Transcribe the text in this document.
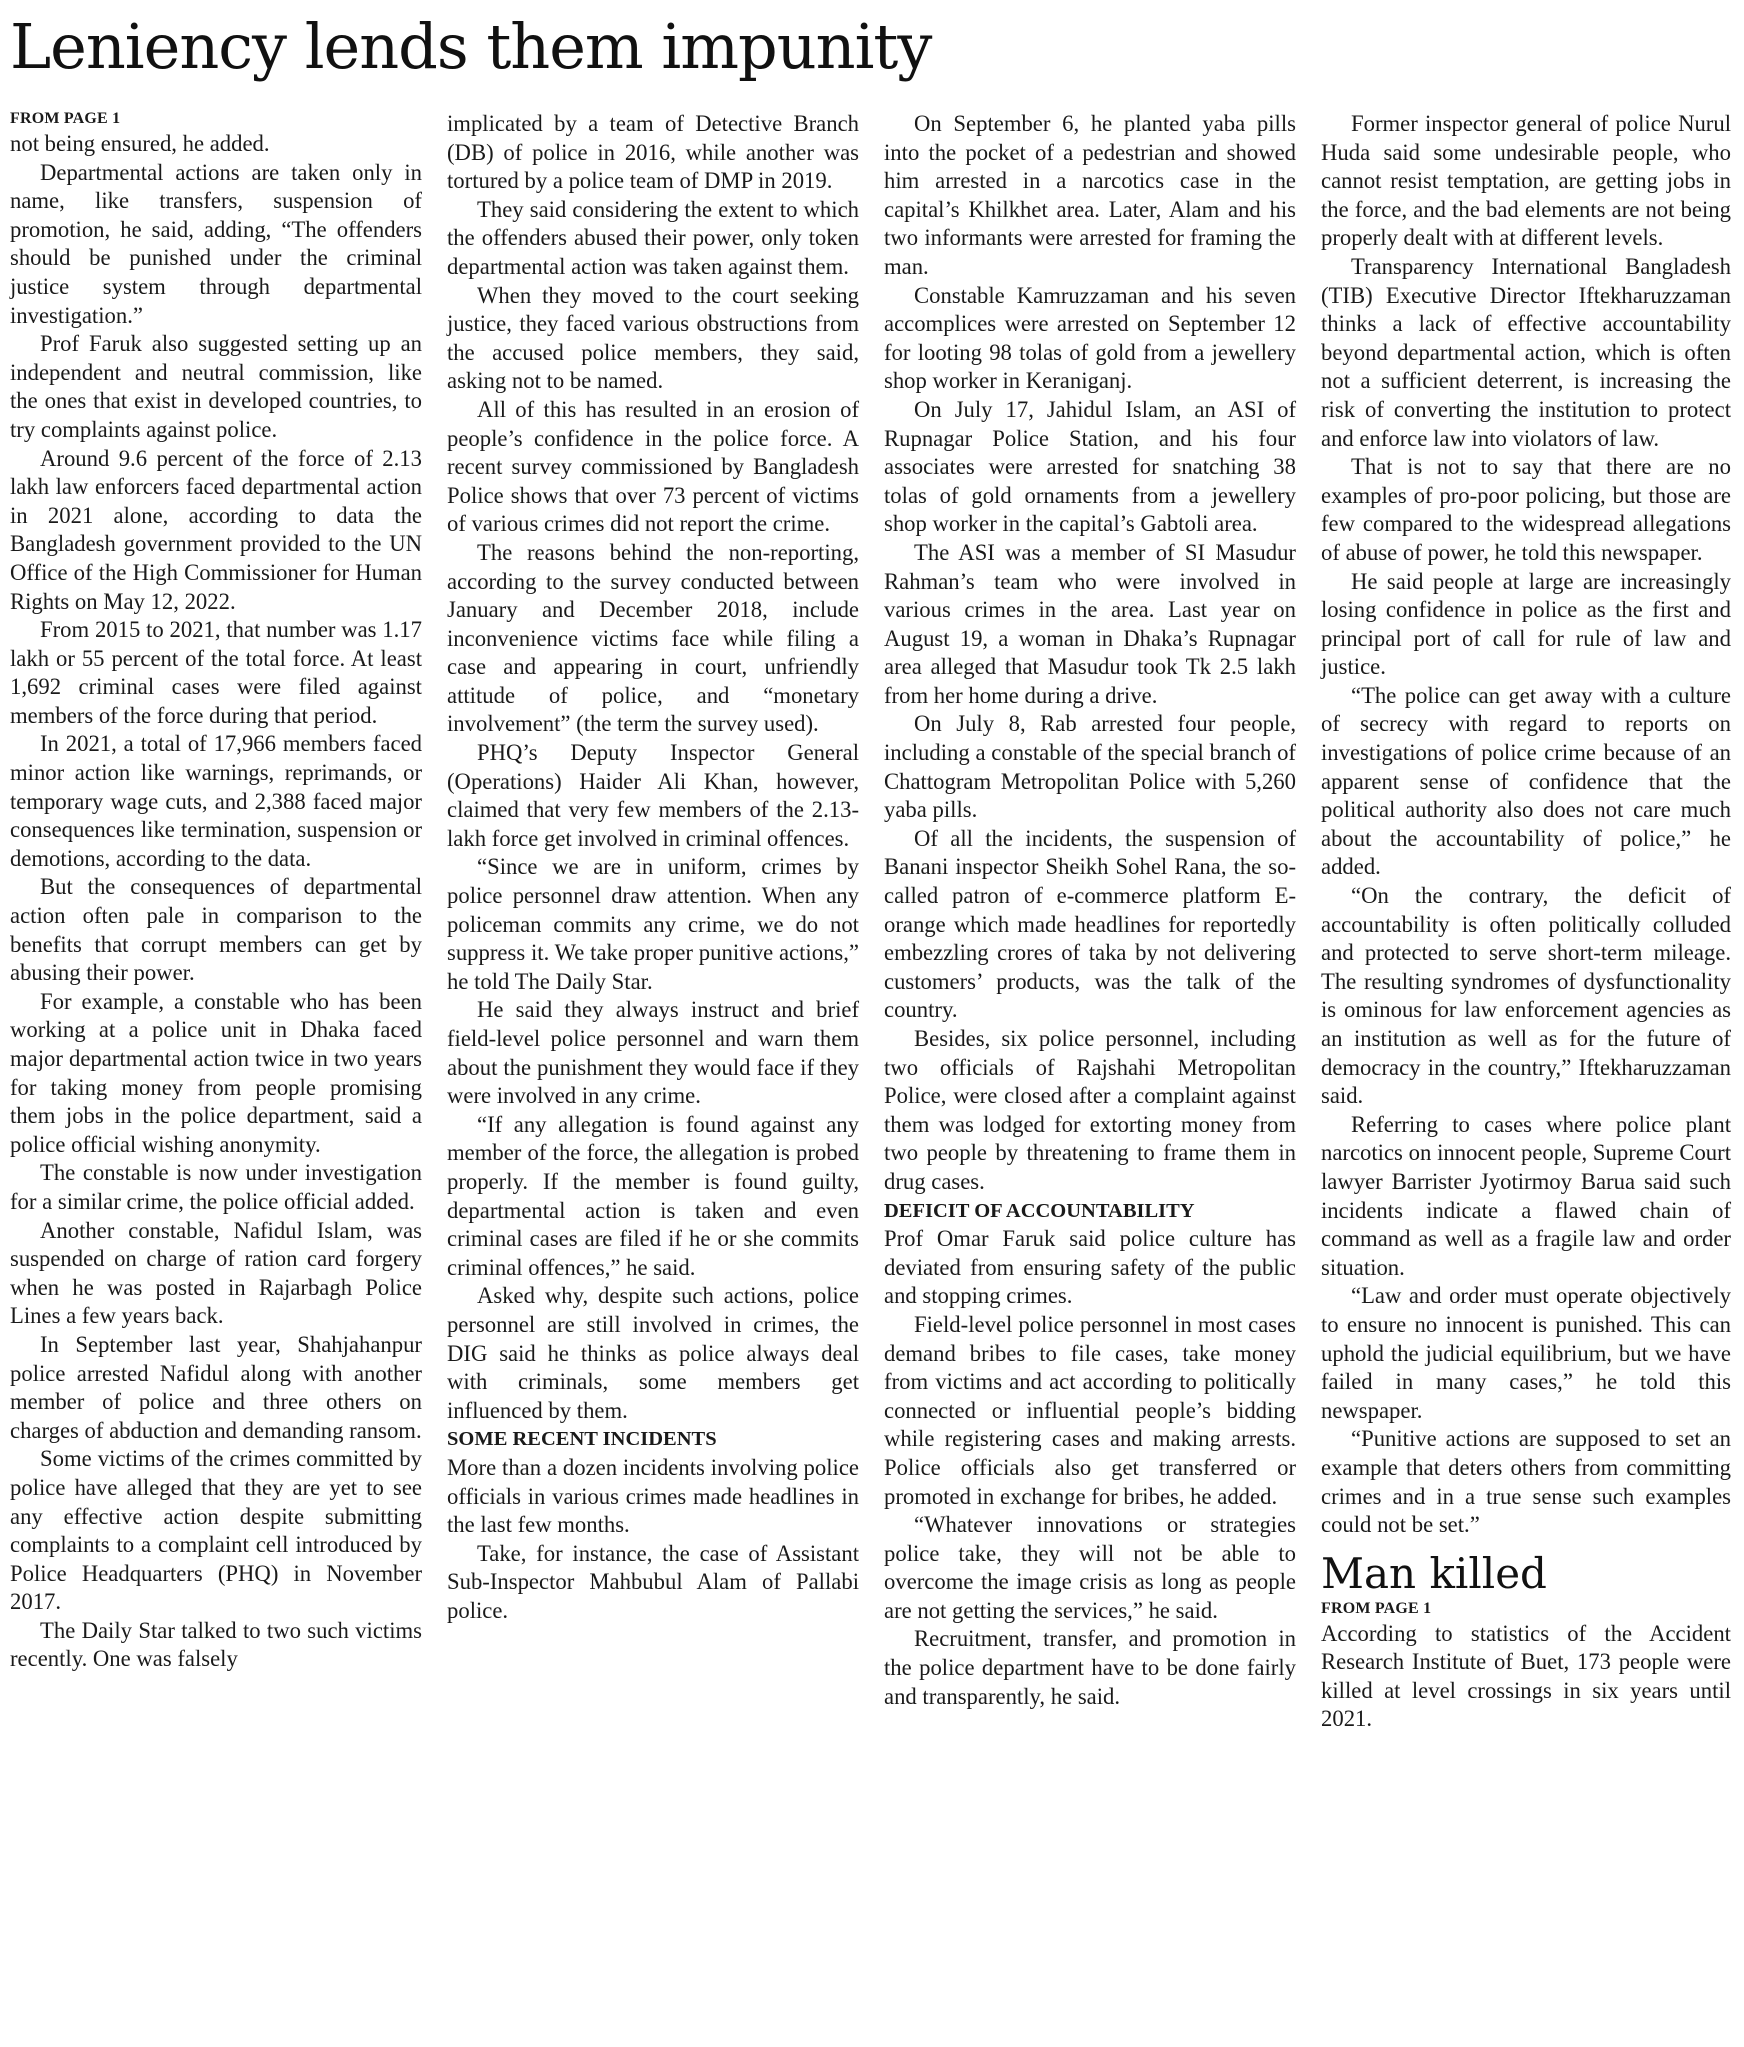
Leniency lends them impunity
FROM PAGE 1

not being ensured, he added.

Departmental actions are taken only in name, like transfers, suspension of promotion, he said, adding, “The offenders should be punished under the criminal justice system through departmental investigation.”

Prof Faruk also suggested setting up an independent and neutral commission, like the ones that exist in developed countries, to try complaints against police.

Around 9.6 percent of the force of 2.13 lakh law enforcers faced departmental action in 2021 alone, according to data the Bangladesh government provided to the UN Office of the High Commissioner for Human Rights on May 12, 2022.

From 2015 to 2021, that number was 1.17 lakh or 55 percent of the total force. At least 1,692 criminal cases were filed against members of the force during that period.

In 2021, a total of 17,966 members faced minor action like warnings, reprimands, or temporary wage cuts, and 2,388 faced major consequences like termination, suspension or demotions, according to the data.

But the consequences of departmental action often pale in comparison to the benefits that corrupt members can get by abusing their power.

For example, a constable who has been working at a police unit in Dhaka faced major departmental action twice in two years for taking money from people promising them jobs in the police department, said a police official wishing anonymity.

The constable is now under investigation for a similar crime, the police official added.

Another constable, Nafidul Islam, was suspended on charge of ration card forgery when he was posted in Rajarbagh Police Lines a few years back.

In September last year, Shahjahanpur police arrested Nafidul along with another member of police and three others on charges of abduction and demanding ransom.

Some victims of the crimes committed by police have alleged that they are yet to see any effective action despite submitting complaints to a complaint cell introduced by Police Headquarters (PHQ) in November 2017.

The Daily Star talked to two such victims recently. One was falsely

implicated by a team of Detective Branch (DB) of police in 2016, while another was tortured by a police team of DMP in 2019.

They said considering the extent to which the offenders abused their power, only token departmental action was taken against them.

When they moved to the court seeking justice, they faced various obstructions from the accused police members, they said, asking not to be named.

All of this has resulted in an erosion of people’s confidence in the police force. A recent survey commissioned by Bangladesh Police shows that over 73 percent of victims of various crimes did not report the crime.

The reasons behind the non-reporting, according to the survey conducted between January and December 2018, include inconvenience victims face while filing a case and appearing in court, unfriendly attitude of police, and “monetary involvement” (the term the survey used).

PHQ’s Deputy Inspector General (Operations) Haider Ali Khan, however, claimed that very few members of the 2.13-lakh force get involved in criminal offences.

“Since we are in uniform, crimes by police personnel draw attention. When any policeman commits any crime, we do not suppress it. We take proper punitive actions,” he told The Daily Star.

He said they always instruct and brief field-level police personnel and warn them about the punishment they would face if they were involved in any crime.

“If any allegation is found against any member of the force, the allegation is probed properly. If the member is found guilty, departmental action is taken and even criminal cases are filed if he or she commits criminal offences,” he said.

Asked why, despite such actions, police personnel are still involved in crimes, the DIG said he thinks as police always deal with criminals, some members get influenced by them.

SOME RECENT INCIDENTS

More than a dozen incidents involving police officials in various crimes made headlines in the last few months.

Take, for instance, the case of Assistant Sub-Inspector Mahbubul Alam of Pallabi police.

On September 6, he planted yaba pills into the pocket of a pedestrian and showed him arrested in a narcotics case in the capital’s Khilkhet area. Later, Alam and his two informants were arrested for framing the man.

Constable Kamruzzaman and his seven accomplices were arrested on September 12 for looting 98 tolas of gold from a jewellery shop worker in Keraniganj.

On July 17, Jahidul Islam, an ASI of Rupnagar Police Station, and his four associates were arrested for snatching 38 tolas of gold ornaments from a jewellery shop worker in the capital’s Gabtoli area.

The ASI was a member of SI Masudur Rahman’s team who were involved in various crimes in the area. Last year on August 19, a woman in Dhaka’s Rupnagar area alleged that Masudur took Tk 2.5 lakh from her home during a drive.

On July 8, Rab arrested four people, including a constable of the special branch of Chattogram Metropolitan Police with 5,260 yaba pills.

Of all the incidents, the suspension of Banani inspector Sheikh Sohel Rana, the so-called patron of e-commerce platform E-orange which made headlines for reportedly embezzling crores of taka by not delivering customers’ products, was the talk of the country.

Besides, six police personnel, including two officials of Rajshahi Metropolitan Police, were closed after a complaint against them was lodged for extorting money from two people by threatening to frame them in drug cases.

DEFICIT OF ACCOUNTABILITY

Prof Omar Faruk said police culture has deviated from ensuring safety of the public and stopping crimes.

Field-level police personnel in most cases demand bribes to file cases, take money from victims and act according to politically connected or influential people’s bidding while registering cases and making arrests. Police officials also get transferred or promoted in exchange for bribes, he added.

“Whatever innovations or strategies police take, they will not be able to overcome the image crisis as long as people are not getting the services,” he said.

Recruitment, transfer, and promotion in the police department have to be done fairly and transparently, he said.

Former inspector general of police Nurul Huda said some undesirable people, who cannot resist temptation, are getting jobs in the force, and the bad elements are not being properly dealt with at different levels.

Transparency International Bangladesh (TIB) Executive Director Iftekharuzzaman thinks a lack of effective accountability beyond departmental action, which is often not a sufficient deterrent, is increasing the risk of converting the institution to protect and enforce law into violators of law.

That is not to say that there are no examples of pro-poor policing, but those are few compared to the widespread allegations of abuse of power, he told this newspaper.

He said people at large are increasingly losing confidence in police as the first and principal port of call for rule of law and justice.

“The police can get away with a culture of secrecy with regard to reports on investigations of police crime because of an apparent sense of confidence that the political authority also does not care much about the accountability of police,” he added.

“On the contrary, the deficit of accountability is often politically colluded and protected to serve short-term mileage. The resulting syndromes of dysfunctionality is ominous for law enforcement agencies as an institution as well as for the future of democracy in the country,” Iftekharuzzaman said.

Referring to cases where police plant narcotics on innocent people, Supreme Court lawyer Barrister Jyotirmoy Barua said such incidents indicate a flawed chain of command as well as a fragile law and order situation.

“Law and order must operate objectively to ensure no innocent is punished. This can uphold the judicial equilibrium, but we have failed in many cases,” he told this newspaper.

“Punitive actions are supposed to set an example that deters others from committing crimes and in a true sense such examples could not be set.”

Man killed
FROM PAGE 1

According to statistics of the Accident Research Institute of Buet, 173 people were killed at level crossings in six years until 2021.
